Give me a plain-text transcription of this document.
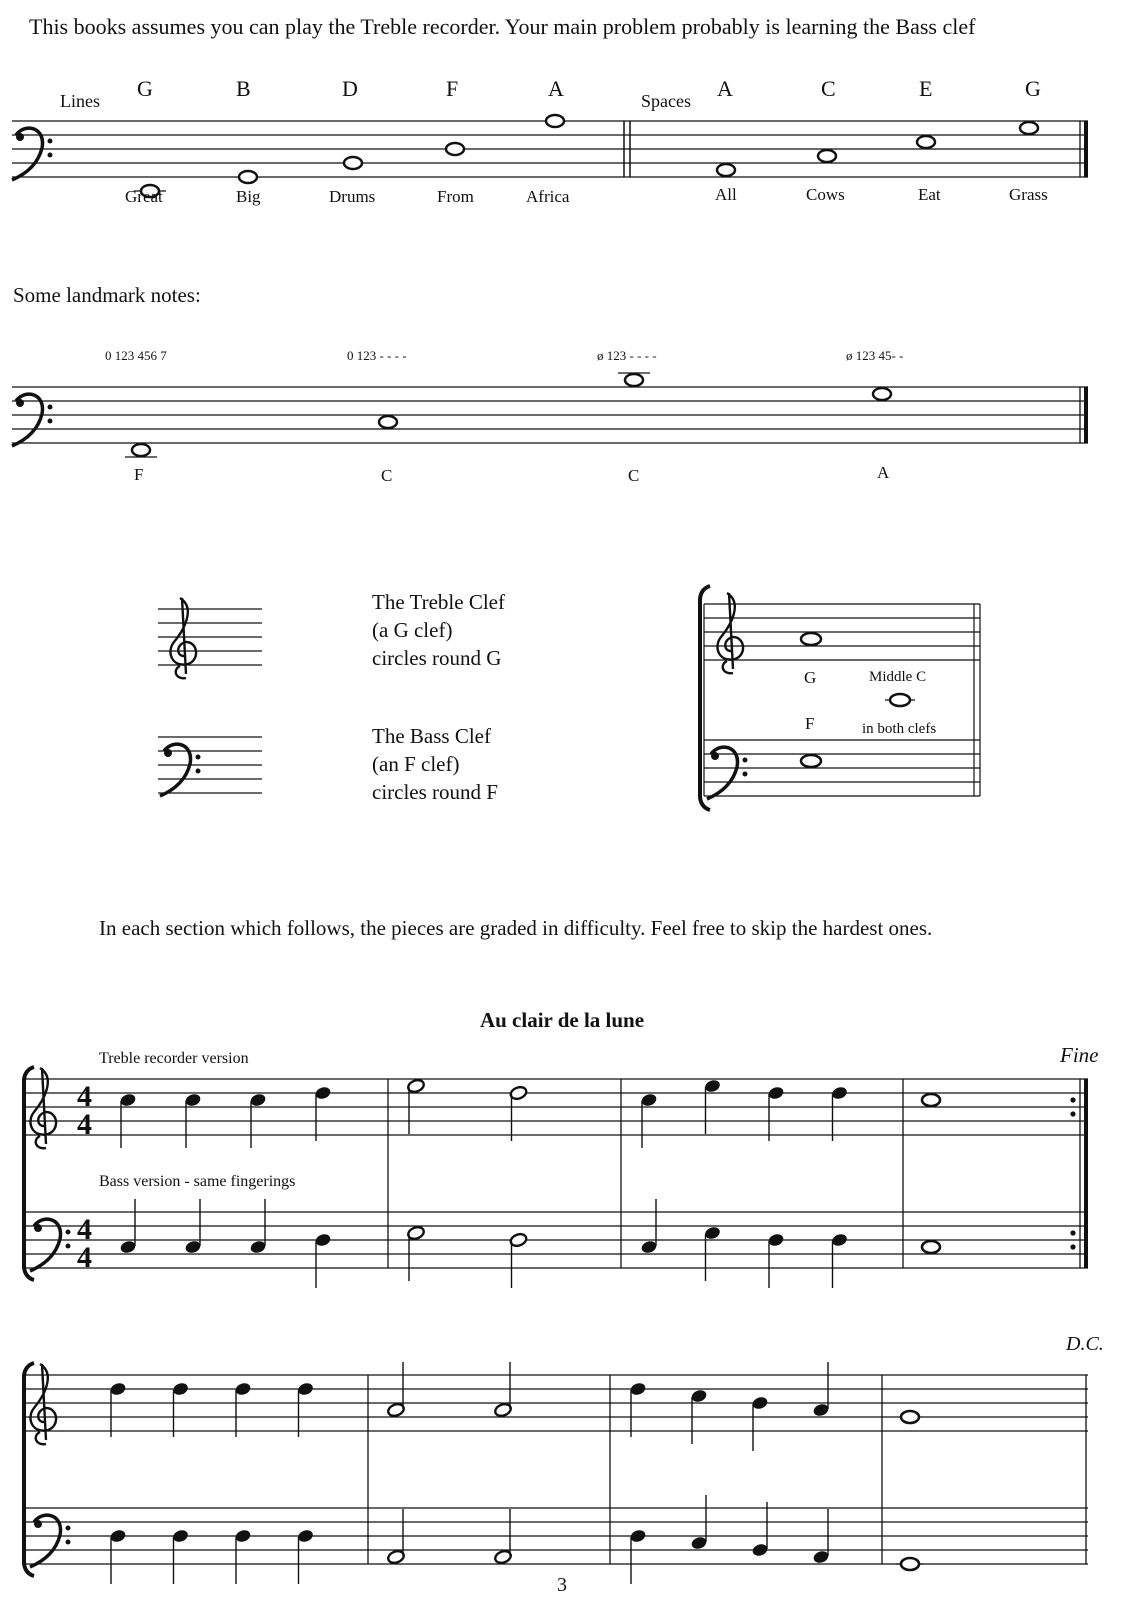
This books assumes you can play the Treble recorder. Your main problem probably is learning the Bass clef
Some landmark notes:
The Treble Clef
(a G clef)
circles round G
The Bass Clef
(an F clef)
circles round F
In each section which follows, the pieces are graded in difficulty. Feel free to skip the hardest ones.
Au clair de la lune
3
Lines	Spaces
G
Great
B
Big
D
Drums
F
From
A
Africa
A
All
C
Cows
E
Eat
G
Grass
0 123 456 7
F
0 123 - - - -
C
ø 123 - - - -
C
ø 123 45- -
A
G
F
Middle C
in both clefs
Treble recorder version
Bass version - same fingerings
Fine
D.C.
4
4
4
4
